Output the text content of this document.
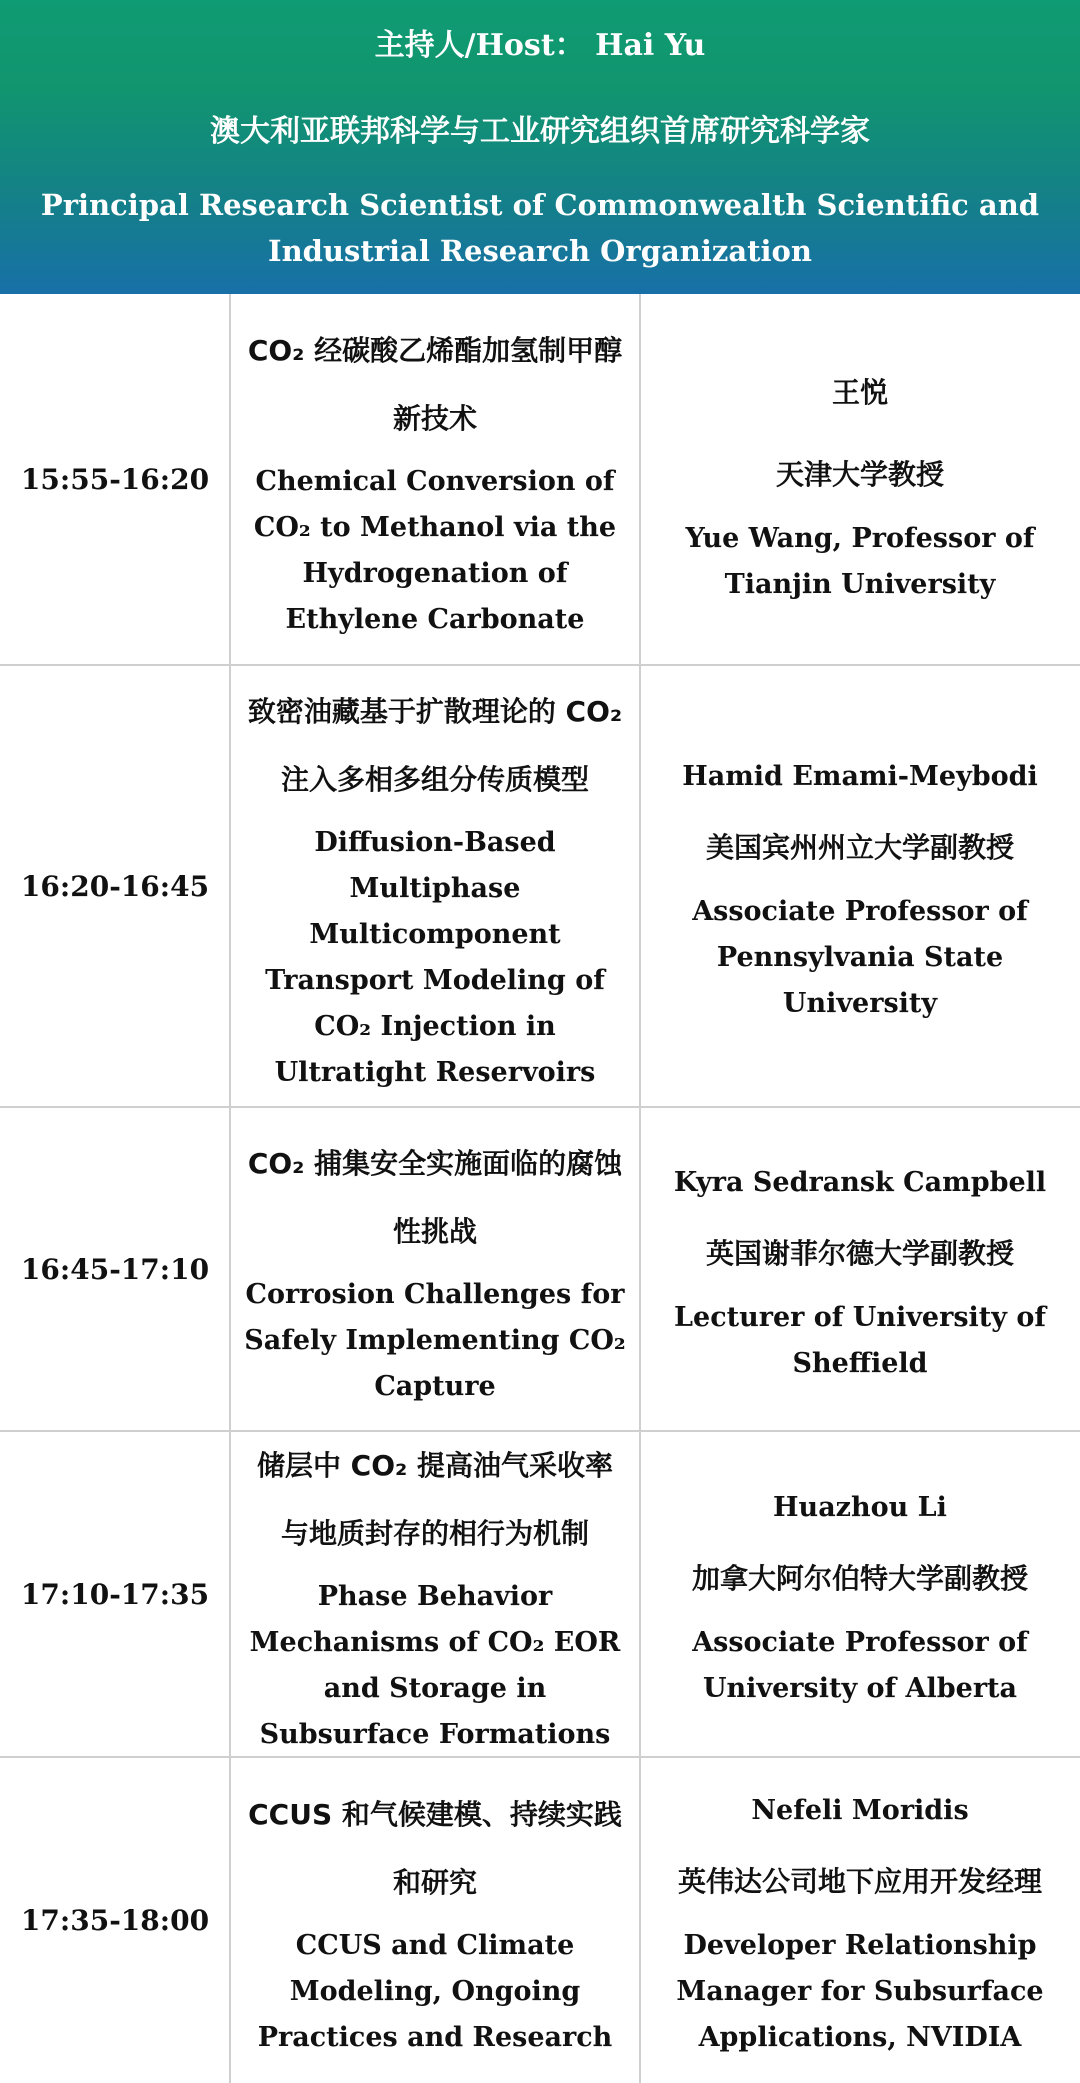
主持人/Host： Hai Yu
澳大利亚联邦科学与工业研究组织首席研究科学家
Principal Research Scientist of Commonwealth Scientific and Industrial Research Organization
15:55-16:20

CO₂ 经碳酸乙烯酯加氢制甲醇新技术

Chemical Conversion of CO₂ to Methanol via the Hydrogenation of Ethylene Carbonate

王悦

天津大学教授

Yue Wang, Professor of Tianjin University

16:20-16:45

致密油藏基于扩散理论的 CO₂ 注入多相多组分传质模型

Diffusion-Based Multiphase Multicomponent Transport Modeling of CO₂ Injection in Ultratight Reservoirs

Hamid Emami-Meybodi

美国宾州州立大学副教授

Associate Professor of Pennsylvania State University

16:45-17:10

CO₂ 捕集安全实施面临的腐蚀性挑战

Corrosion Challenges for Safely Implementing CO₂ Capture

Kyra Sedransk Campbell

英国谢菲尔德大学副教授

Lecturer of University of Sheffield

17:10-17:35

储层中 CO₂ 提高油气采收率与地质封存的相行为机制

Phase Behavior Mechanisms of CO₂ EOR and Storage in Subsurface Formations

Huazhou Li

加拿大阿尔伯特大学副教授

Associate Professor of University of Alberta

17:35-18:00

CCUS 和气候建模、持续实践和研究

CCUS and Climate Modeling, Ongoing Practices and Research

Nefeli Moridis

英伟达公司地下应用开发经理

Developer Relationship Manager for Subsurface Applications, NVIDIA
